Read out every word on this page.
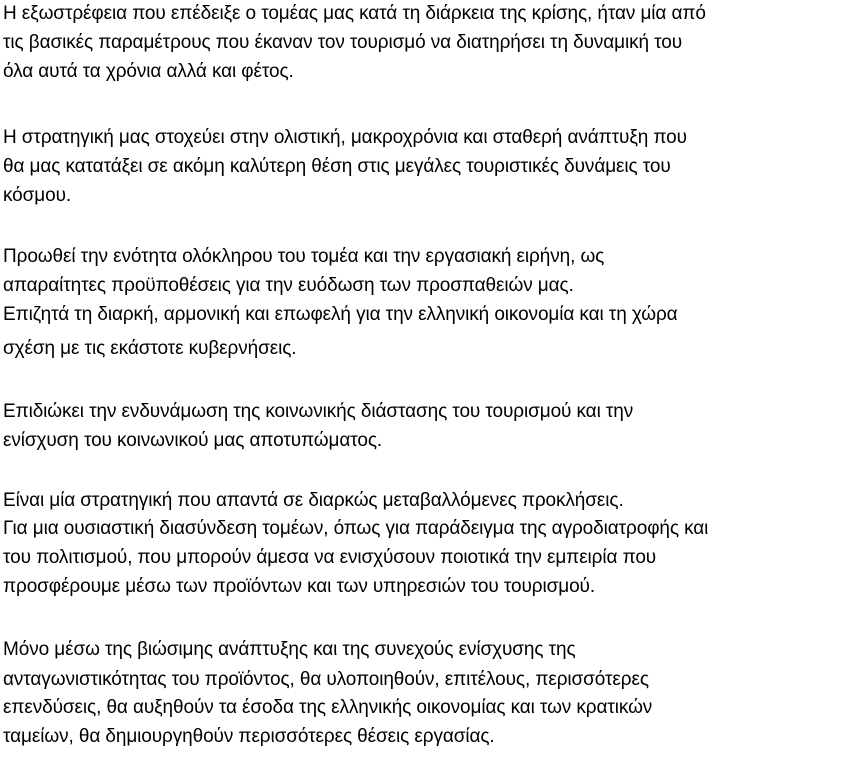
Η εξωστρέφεια που επέδειξε ο τομέας μας κατά τη διάρκεια της κρίσης, ήταν μία από
τις βασικές παραμέτρους που έκαναν τον τουρισμό να διατηρήσει τη δυναμική του
όλα αυτά τα χρόνια αλλά και φέτος.
Η στρατηγική μας στοχεύει στην ολιστική, μακροχρόνια και σταθερή ανάπτυξη που
θα μας κατατάξει σε ακόμη καλύτερη θέση στις μεγάλες τουριστικές δυνάμεις του
κόσμου.
Προωθεί την ενότητα ολόκληρου του τομέα και την εργασιακή ειρήνη, ως
απαραίτητες προϋποθέσεις για την ευόδωση των προσπαθειών μας.
Επιζητά τη διαρκή, αρμονική και επωφελή για την ελληνική οικονομία και τη χώρα
σχέση με τις εκάστοτε κυβερνήσεις.
Επιδιώκει την ενδυνάμωση της κοινωνικής διάστασης του τουρισμού και την
ενίσχυση του κοινωνικού μας αποτυπώματος.
Είναι μία στρατηγική που απαντά σε διαρκώς μεταβαλλόμενες προκλήσεις.
Για μια ουσιαστική διασύνδεση τομέων, όπως για παράδειγμα της αγροδιατροφής και
του πολιτισμού, που μπορούν άμεσα να ενισχύσουν ποιοτικά την εμπειρία που
προσφέρουμε μέσω των προϊόντων και των υπηρεσιών του τουρισμού.
Μόνο μέσω της βιώσιμης ανάπτυξης και της συνεχούς ενίσχυσης της
ανταγωνιστικότητας του προϊόντος, θα υλοποιηθούν, επιτέλους, περισσότερες
επενδύσεις, θα αυξηθούν τα έσοδα της ελληνικής οικονομίας και των κρατικών
ταμείων, θα δημιουργηθούν περισσότερες θέσεις εργασίας.
